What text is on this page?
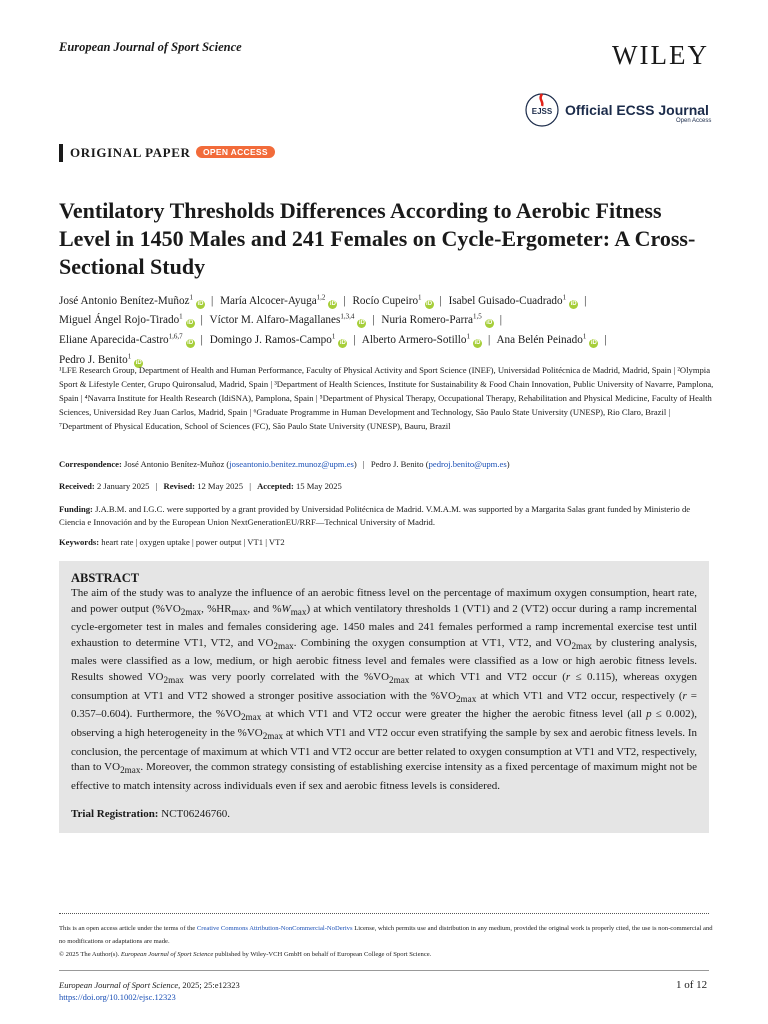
European Journal of Sport Science	WILEY
EJSS Official ECSS Journal
Open Access
ORIGINAL PAPER	OPEN ACCESS
Ventilatory Thresholds Differences According to Aerobic Fitness Level in 1450 Males and 241 Females on Cycle-Ergometer: A Cross-Sectional Study
José Antonio Benítez-Muñoz$^1$iD | María Alcocer-Ayuga$^{1,2}$iD | Rocío Cupeiro$^1$iD | Isabel Guisado-Cuadrado$^1$iD |
Miguel Ángel Rojo-Tirado$^1$iD | Víctor M. Alfaro-Magallanes$^{1,3,4}$iD | Nuria Romero-Parra$^{1,5}$iD |
Eliane Aparecida-Castro$^{1,6,7}$iD | Domingo J. Ramos-Campo$^1$iD | Alberto Armero-Sotillo$^1$iD | Ana Belén Peinado$^1$iD |
Pedro J. Benito$^1$iD
¹LFE Research Group, Department of Health and Human Performance, Faculty of Physical Activity and Sport Science (INEF), Universidad Politécnica de Madrid, Madrid, Spain | ²Olympia Sport & Lifestyle Center, Grupo Quironsalud, Madrid, Spain | ³Department of Health Sciences, Institute for Sustainability & Food Chain Innovation, Public University of Navarre, Pamplona, Spain | ⁴Navarra Institute for Health Research (IdiSNA), Pamplona, Spain | ⁵Department of Physical Therapy, Occupational Therapy, Rehabilitation and Physical Medicine, Faculty of Health Sciences, Universidad Rey Juan Carlos, Madrid, Spain | ⁶Graduate Programme in Human Development and Technology, São Paulo State University (UNESP), Rio Claro, Brazil | ⁷Department of Physical Education, School of Sciences (FC), São Paulo State University (UNESP), Bauru, Brazil
Correspondence: José Antonio Benítez-Muñoz (joseantonio.benitez.munoz@upm.es) | Pedro J. Benito (pedroj.benito@upm.es)
Received: 2 January 2025 | Revised: 12 May 2025 | Accepted: 15 May 2025
Funding: J.A.B.M. and I.G.C. were supported by a grant provided by Universidad Politécnica de Madrid. V.M.A.M. was supported by a Margarita Salas grant funded by Ministerio de Ciencia e Innovación and by the European Union NextGenerationEU/RRF—Technical University of Madrid.
Keywords: heart rate | oxygen uptake | power output | VT1 | VT2
ABSTRACT
The aim of the study was to analyze the influence of an aerobic fitness level on the percentage of maximum oxygen consumption, heart rate, and power output ($\%VO_{2max}$, $\%HR_{max}$, and $\%W_{max}$) at which ventilatory thresholds 1 (VT1) and 2 (VT2) occur during a ramp incremental cycle-ergometer test in males and females considering age. 1450 males and 241 females performed a ramp incremental exercise test until exhaustion to determine VT1, VT2, and $VO_{2max}$. Combining the oxygen consumption at VT1, VT2, and $VO_{2max}$ by clustering analysis, males were classified as a low, medium, or high aerobic fitness level and females were classified as a low or high aerobic fitness levels. Results showed $VO_{2max}$ was very poorly correlated with the $\%VO_{2max}$ at which VT1 and VT2 occur (r ≤ 0.115), whereas oxygen consumption at VT1 and VT2 showed a stronger positive association with the $\%VO_{2max}$ at which VT1 and VT2 occur, respectively (r = 0.357–0.604). Furthermore, the $\%VO_{2max}$ at which VT1 and VT2 occur were greater the higher the aerobic fitness level (all p ≤ 0.002), observing a high heterogeneity in the $\%VO_{2max}$ at which VT1 and VT2 occur even stratifying the sample by sex and aerobic fitness levels. In conclusion, the percentage of maximum at which VT1 and VT2 occur are better related to oxygen consumption at VT1 and VT2, respectively, than to $VO_{2max}$. Moreover, the common strategy consisting of establishing exercise intensity as a fixed percentage of maximum might not be effective to match intensity across individuals even if sex and aerobic fitness levels is considered.
Trial Registration: NCT06246760.
This is an open access article under the terms of the Creative Commons Attribution-NonCommercial-NoDerivs License, which permits use and distribution in any medium, provided the original work is properly cited, the use is non-commercial and no modifications or adaptations are made.
© 2025 The Author(s). European Journal of Sport Science published by Wiley-VCH GmbH on behalf of European College of Sport Science.
European Journal of Sport Science, 2025; 25:e12323
https://doi.org/10.1002/ejsc.12323
1 of 12
